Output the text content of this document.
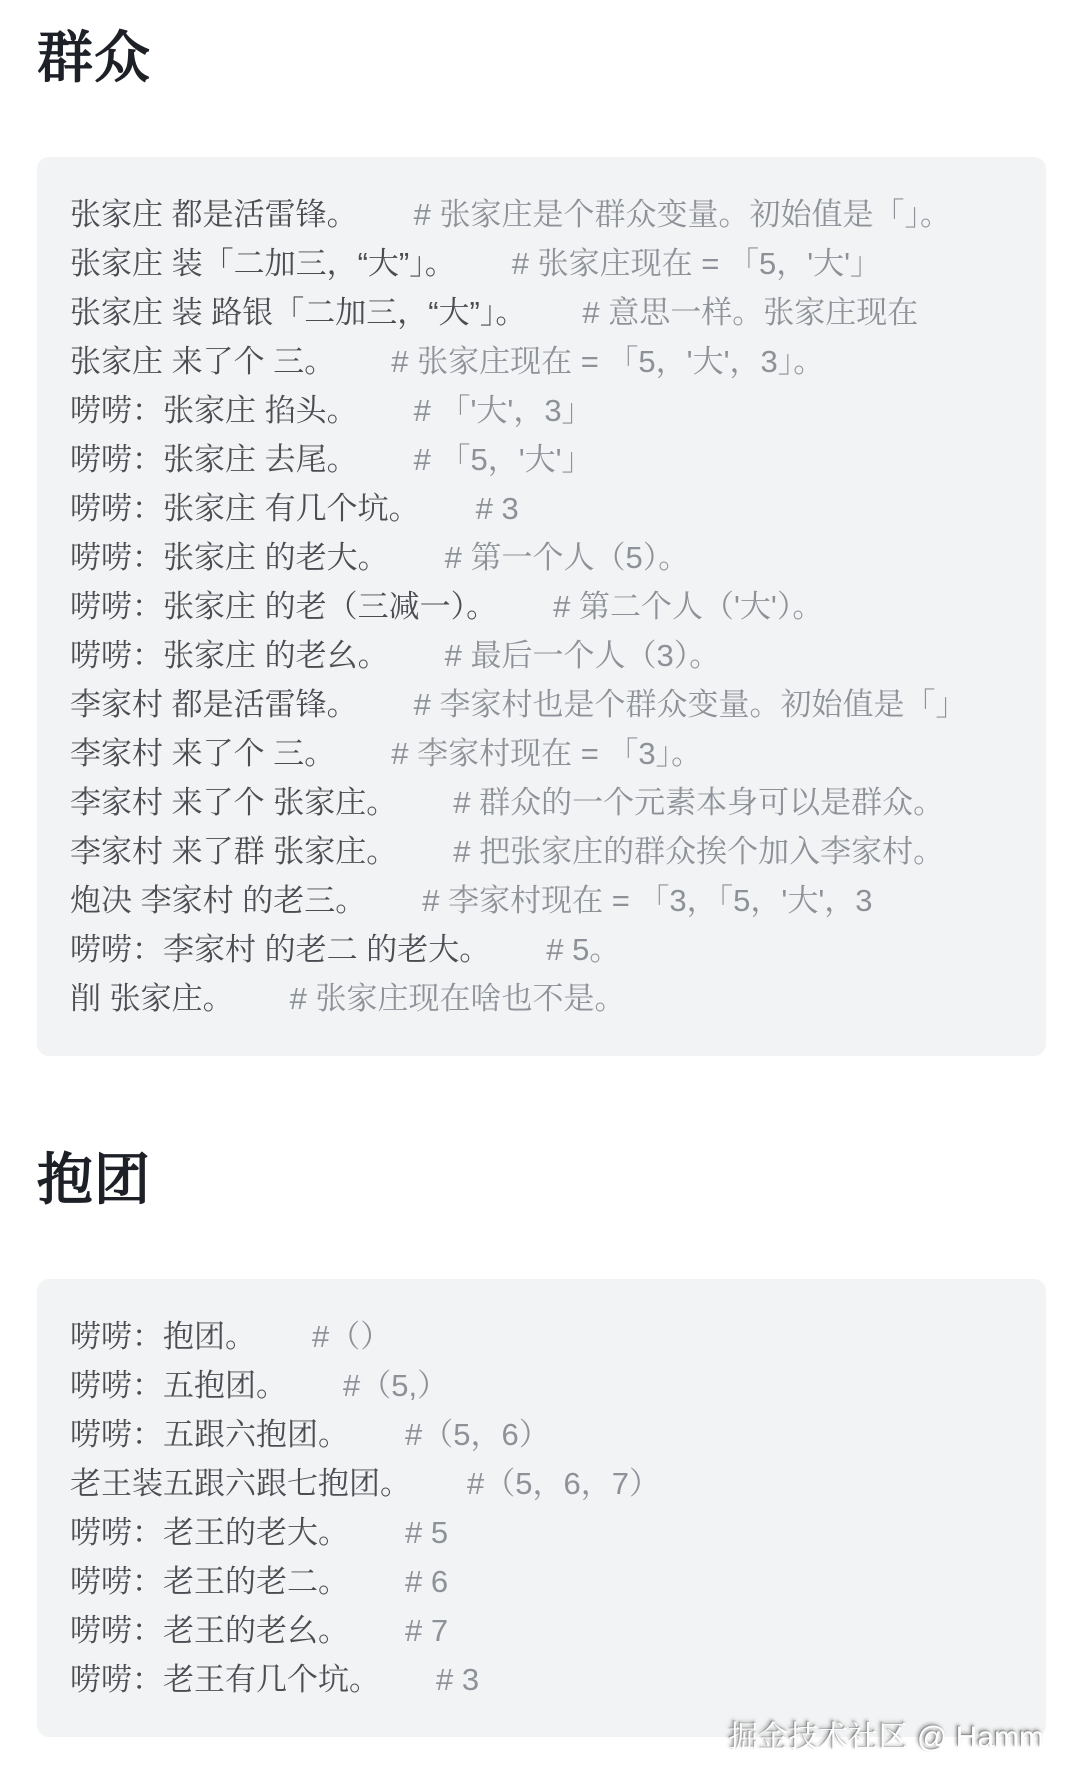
群众
张家庄 都是活雷锋。 # 张家庄是个群众变量。初始值是「」。
张家庄 装「二加三，“大”」。 # 张家庄现在 = 「5，'大'」
张家庄 装 路银「二加三，“大”」。 # 意思一样。张家庄现在
张家庄 来了个 三。 # 张家庄现在 = 「5，'大'，3」。
唠唠：张家庄 掐头。 # 「'大'，3」
唠唠：张家庄 去尾。 # 「5，'大'」
唠唠：张家庄 有几个坑。 # 3
唠唠：张家庄 的老大。 # 第一个人（5）。
唠唠：张家庄 的老（三减一）。 # 第二个人（'大'）。
唠唠：张家庄 的老幺。 # 最后一个人（3）。
李家村 都是活雷锋。 # 李家村也是个群众变量。初始值是「」
李家村 来了个 三。 # 李家村现在 = 「3」。
李家村 来了个 张家庄。 # 群众的一个元素本身可以是群众。
李家村 来了群 张家庄。 # 把张家庄的群众挨个加入李家村。
炮决 李家村 的老三。 # 李家村现在 = 「3，「5，'大'，3
唠唠：李家村 的老二 的老大。 # 5。
削 张家庄。 # 张家庄现在啥也不是。
抱团
唠唠：抱团。 #（）
唠唠：五抱团。 #（5,）
唠唠：五跟六抱团。 #（5，6）
老王装五跟六跟七抱团。 #（5，6，7）
唠唠：老王的老大。 # 5
唠唠：老王的老二。 # 6
唠唠：老王的老幺。 # 7
唠唠：老王有几个坑。 # 3
掘金技术社区 @ Hamm
